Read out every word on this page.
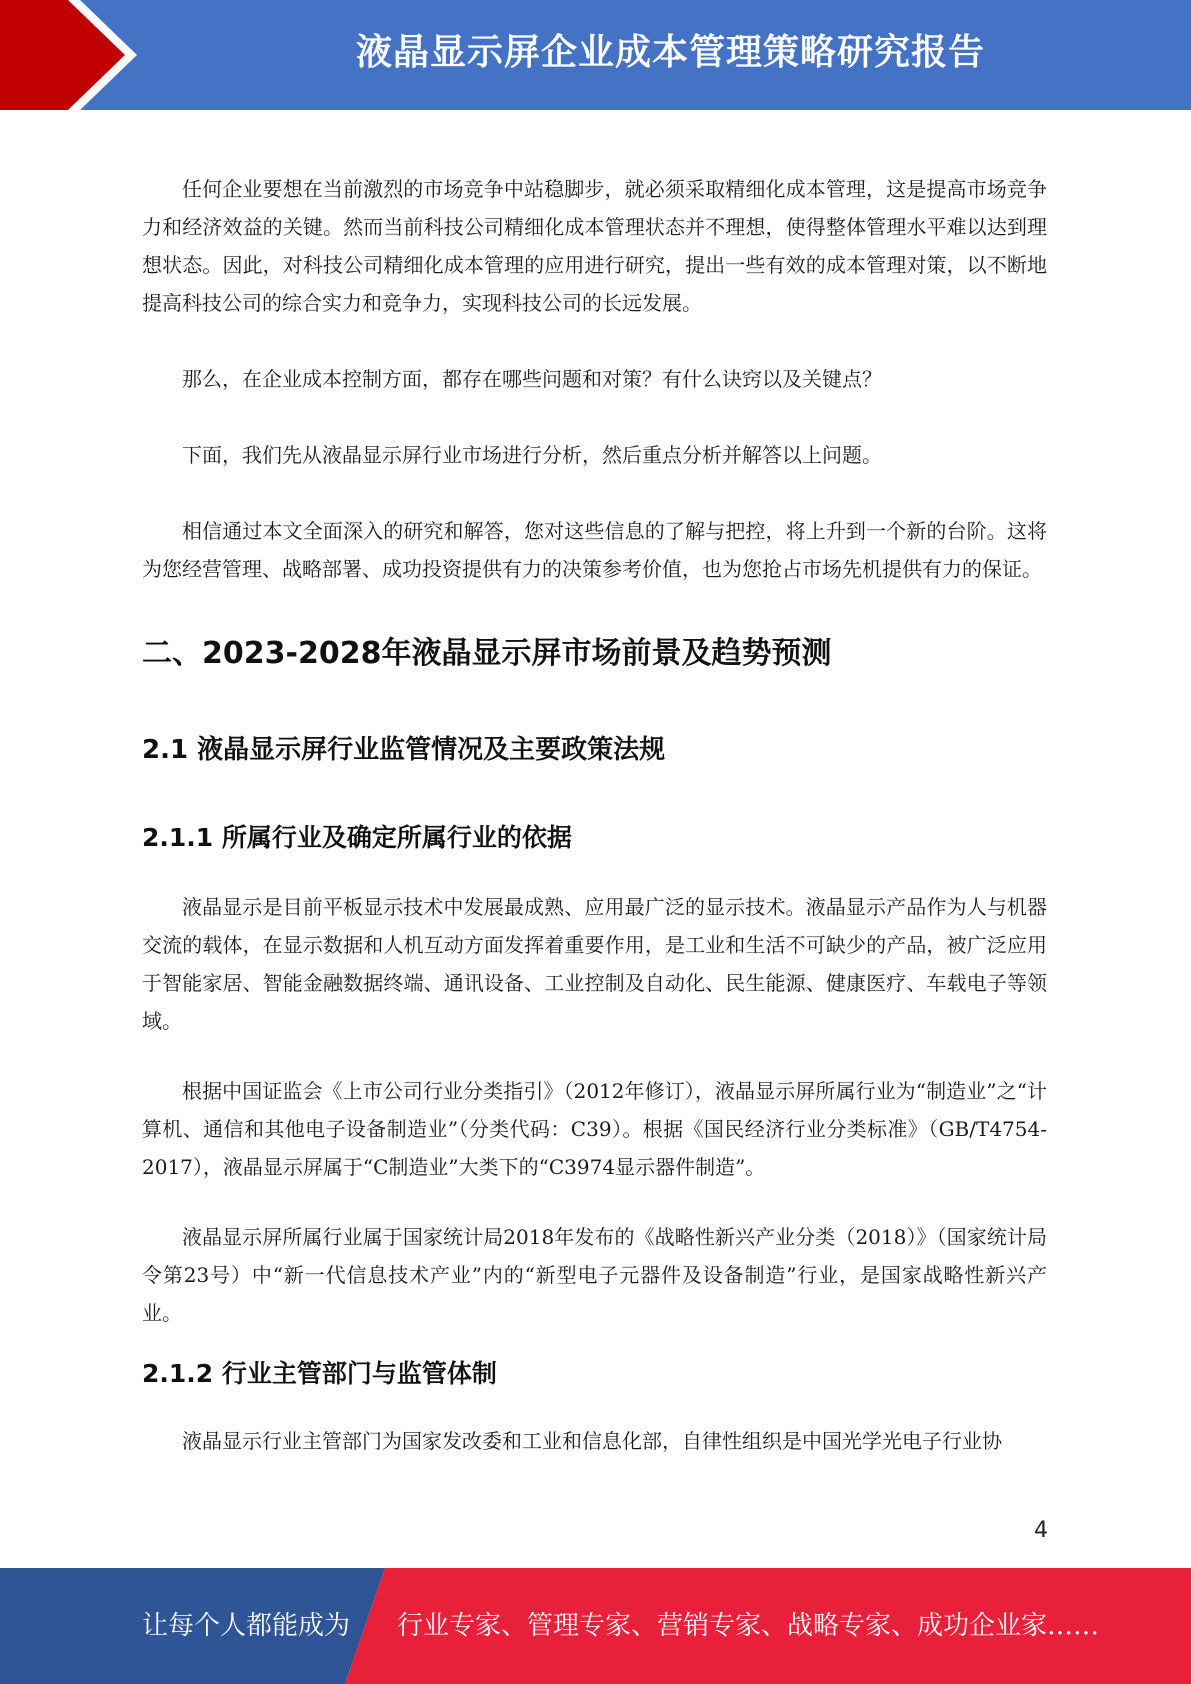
液晶显示屏企业成本管理策略研究报告

任何企业要想在当前激烈的市场竞争中站稳脚步，就必须采取精细化成本管理，这是提高市场竞争力和经济效益的关键。然而当前科技公司精细化成本管理状态并不理想，使得整体管理水平难以达到理想状态。因此，对科技公司精细化成本管理的应用进行研究，提出一些有效的成本管理对策，以不断地提高科技公司的综合实力和竞争力，实现科技公司的长远发展。

那么，在企业成本控制方面，都存在哪些问题和对策？有什么诀窍以及关键点？

下面，我们先从液晶显示屏行业市场进行分析，然后重点分析并解答以上问题。

相信通过本文全面深入的研究和解答，您对这些信息的了解与把控，将上升到一个新的台阶。这将为您经营管理、战略部署、成功投资提供有力的决策参考价值，也为您抢占市场先机提供有力的保证。

二、2023-2028年液晶显示屏市场前景及趋势预测
2.1 液晶显示屏行业监管情况及主要政策法规
2.1.1 所属行业及确定所属行业的依据

液晶显示是目前平板显示技术中发展最成熟、应用最广泛的显示技术。液晶显示产品作为人与机器交流的载体，在显示数据和人机互动方面发挥着重要作用，是工业和生活不可缺少的产品，被广泛应用于智能家居、智能金融数据终端、通讯设备、工业控制及自动化、民生能源、健康医疗、车载电子等领域。

根据中国证监会《上市公司行业分类指引》（2012年修订），液晶显示屏所属行业为“制造业”之“计算机、通信和其他电子设备制造业”（分类代码：C39）。根据《国民经济行业分类标准》（GB/T4754-2017），液晶显示屏属于“C制造业”大类下的“C3974显示器件制造”。

液晶显示屏所属行业属于国家统计局2018年发布的《战略性新兴产业分类（2018）》（国家统计局令第23号）中“新一代信息技术产业”内的“新型电子元器件及设备制造”行业，是国家战略性新兴产业。

2.1.2 行业主管部门与监管体制

液晶显示行业主管部门为国家发改委和工业和信息化部，自律性组织是中国光学光电子行业协

4
让每个人都能成为 行业专家、管理专家、营销专家、战略专家、成功企业家……
